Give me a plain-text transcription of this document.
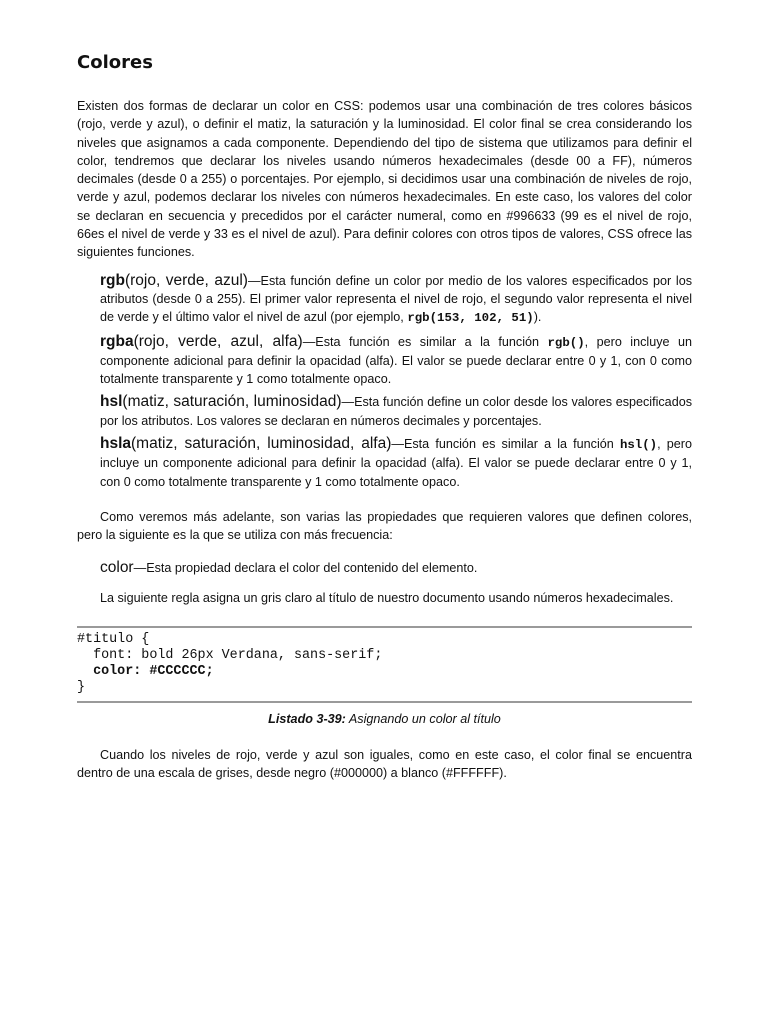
Colores

Existen dos formas de declarar un color en CSS: podemos usar una combinación de tres colores básicos (rojo, verde y azul), o definir el matiz, la saturación y la luminosidad. El color final se crea considerando los niveles que asignamos a cada componente. Dependiendo del tipo de sistema que utilizamos para definir el color, tendremos que declarar los niveles usando números hexadecimales (desde 00 a FF), números decimales (desde 0 a 255) o porcentajes. Por ejemplo, si decidimos usar una combinación de niveles de rojo, verde y azul, podemos declarar los niveles con números hexadecimales. En este caso, los valores del color se declaran en secuencia y precedidos por el carácter numeral, como en #996633 (99 es el nivel de rojo, 66es el nivel de verde y 33 es el nivel de azul). Para definir colores con otros tipos de valores, CSS ofrece las siguientes funciones.

rgb(rojo, verde, azul)—Esta función define un color por medio de los valores especificados por los atributos (desde 0 a 255). El primer valor representa el nivel de rojo, el segundo valor representa el nivel de verde y el último valor el nivel de azul (por ejemplo, rgb(153, 102, 51)).

rgba(rojo, verde, azul, alfa)—Esta función es similar a la función rgb(), pero incluye un componente adicional para definir la opacidad (alfa). El valor se puede declarar entre 0 y 1, con 0 como totalmente transparente y 1 como totalmente opaco.

hsl(matiz, saturación, luminosidad)—Esta función define un color desde los valores especificados por los atributos. Los valores se declaran en números decimales y porcentajes.

hsla(matiz, saturación, luminosidad, alfa)—Esta función es similar a la función hsl(), pero incluye un componente adicional para definir la opacidad (alfa). El valor se puede declarar entre 0 y 1, con 0 como totalmente transparente y 1 como totalmente opaco.

Como veremos más adelante, son varias las propiedades que requieren valores que definen colores, pero la siguiente es la que se utiliza con más frecuencia:

color—Esta propiedad declara el color del contenido del elemento.

La siguiente regla asigna un gris claro al título de nuestro documento usando números hexadecimales.

#titulo {
font: bold 26px Verdana, sans-serif;
color: #CCCCCC;
}
Listado 3-39: Asignando un color al título

Cuando los niveles de rojo, verde y azul son iguales, como en este caso, el color final se encuentra dentro de una escala de grises, desde negro (#000000) a blanco (#FFFFFF).
